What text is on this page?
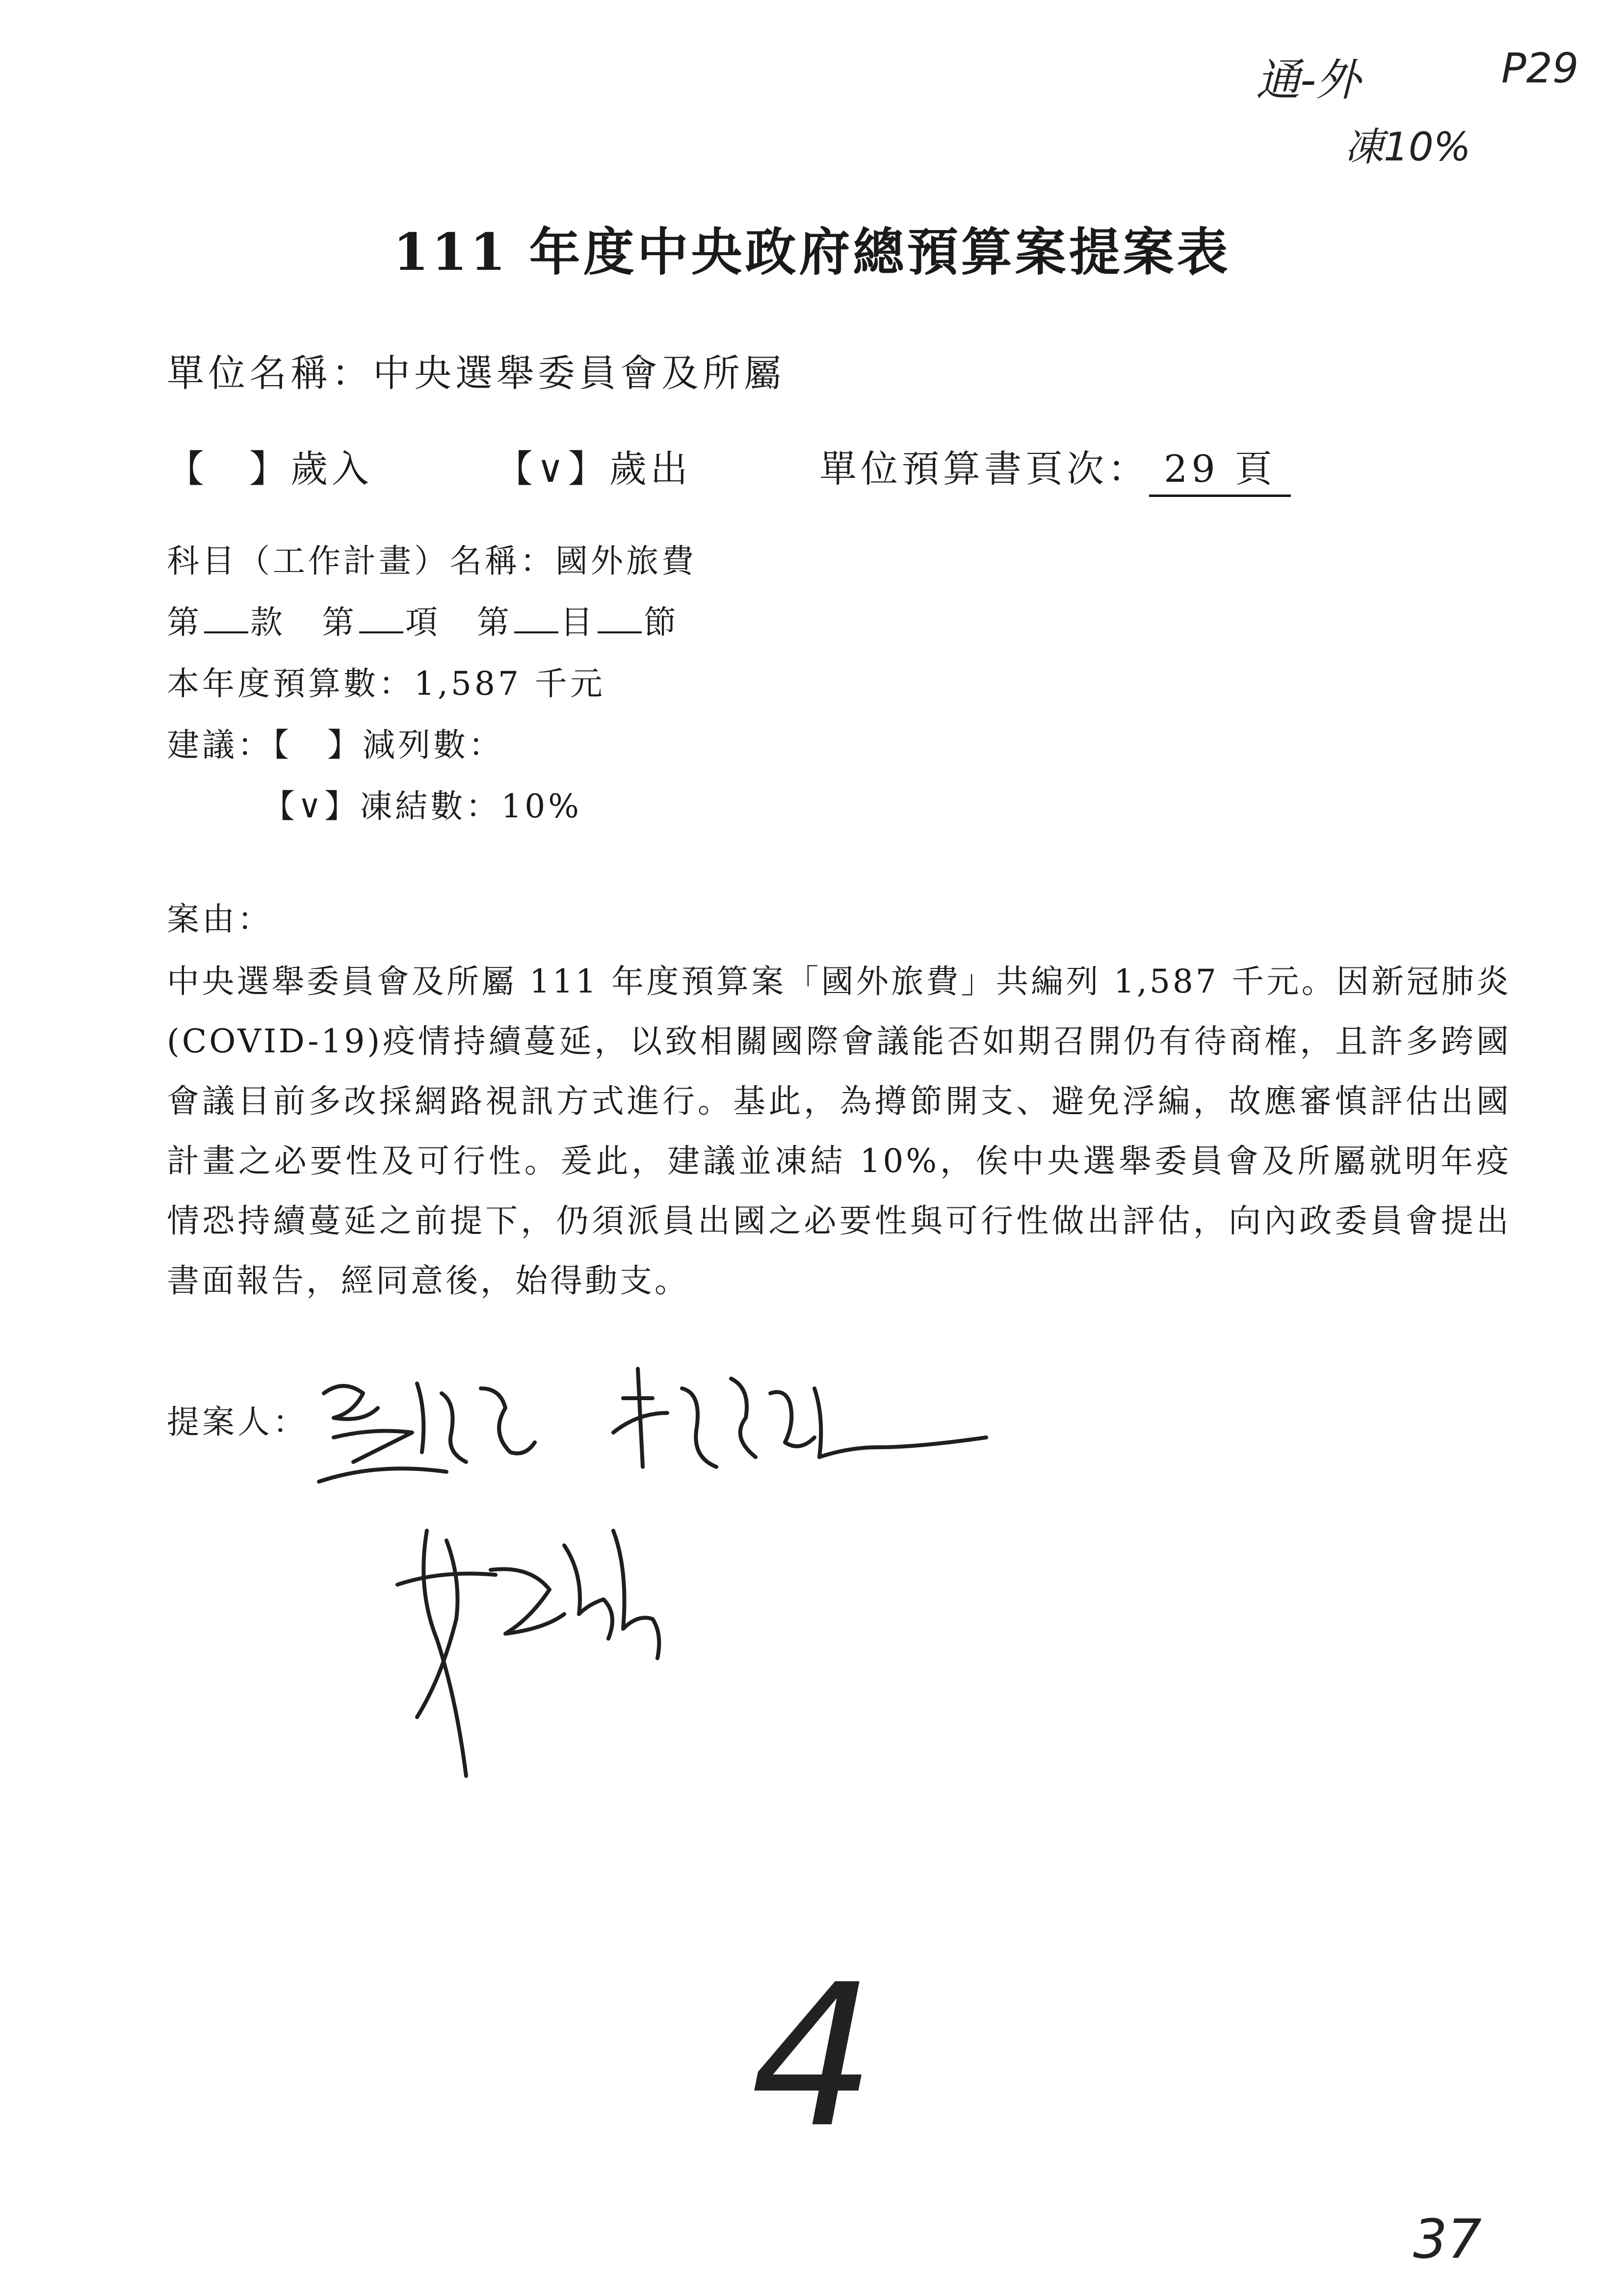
通-外
凍10%
P29
111 年度中央政府總預算案提案表
單位名稱：中央選舉委員會及所屬
【　】歲入	【∨】歲出	單位預算書頁次： 29 頁
科目（工作計畫）名稱：國外旅費
第 款 第 項 第 目 節
本年度預算數：1,587 千元
建議：【　】減列數：
【∨】凍結數：10%
案由：
中央選舉委員會及所屬 111 年度預算案「國外旅費」共編列 1,587 千元。因新冠肺炎(COVID-19)疫情持續蔓延，以致相關國際會議能否如期召開仍有待商榷，且許多跨國會議目前多改採網路視訊方式進行。基此，為撙節開支、避免浮編，故應審慎評估出國計畫之必要性及可行性。爰此，建議並凍結 10%，俟中央選舉委員會及所屬就明年疫情恐持續蔓延之前提下，仍須派員出國之必要性與可行性做出評估，向內政委員會提出書面報告，經同意後，始得動支。
提案人：
4
37
